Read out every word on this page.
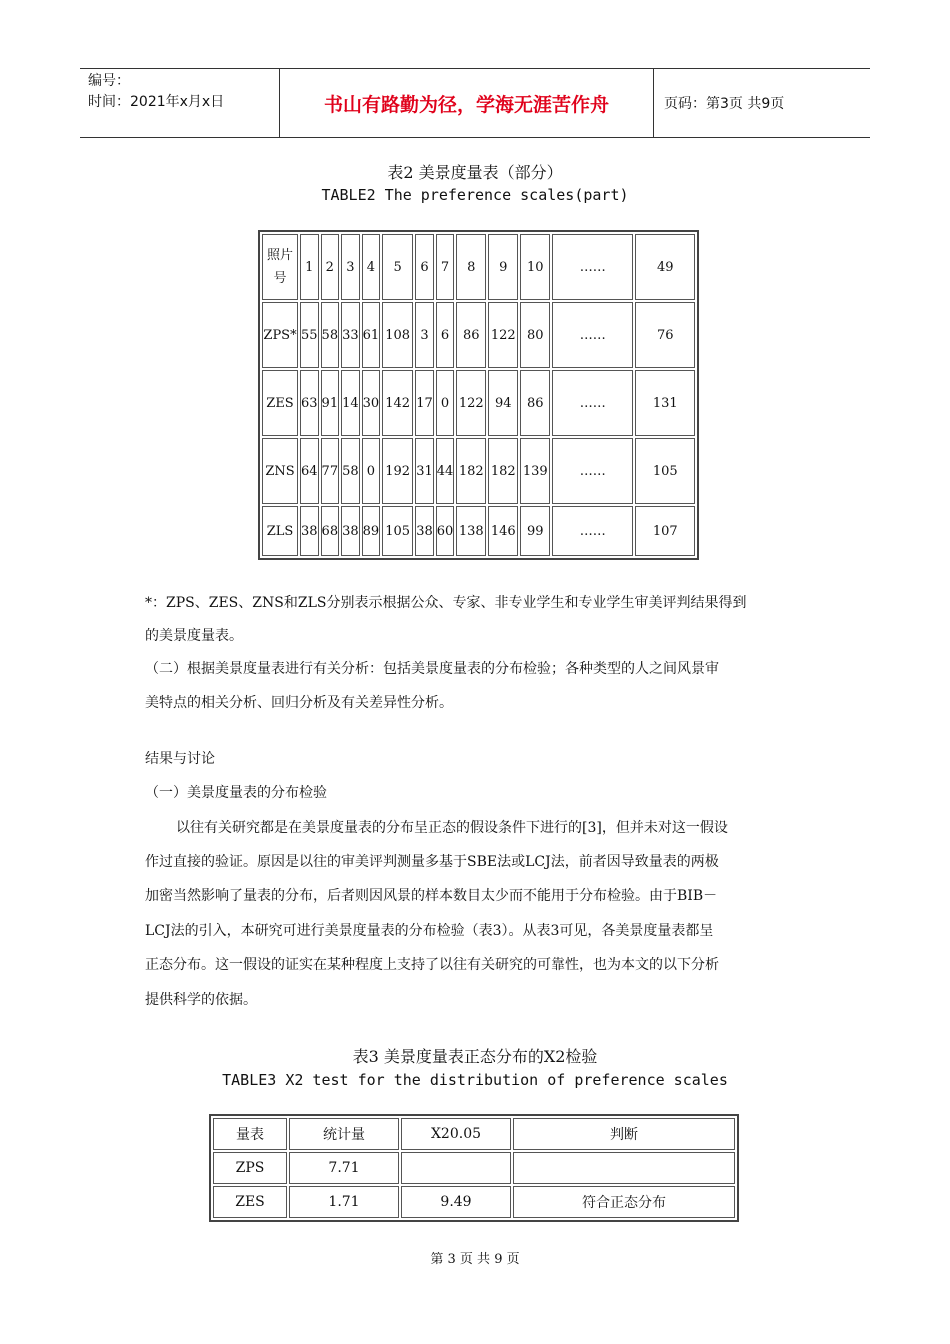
编号：
时间：2021年x月x日	书山有路勤为径，学海无涯苦作舟	页码：第3页 共9页
表2 美景度量表（部分）
TABLE2 The preference scales(part)
照片号	1	2	3	4	5	6	7	8	9	10	……	49
ZPS*	55	58	33	61	108	3	6	86	122	80	……	76
ZES	63	91	14	30	142	17	0	122	94	86	……	131
ZNS	64	77	58	0	192	31	44	182	182	139	……	105
ZLS	38	68	38	89	105	38	60	138	146	99	……	107
*：ZPS、ZES、ZNS和ZLS分别表示根据公众、专家、非专业学生和专业学生审美评判结果得到
的美景度量表。
（二）根据美景度量表进行有关分析：包括美景度量表的分布检验；各种类型的人之间风景审
美特点的相关分析、回归分析及有关差异性分析。
结果与讨论
（一）美景度量表的分布检验
以往有关研究都是在美景度量表的分布呈正态的假设条件下进行的[3]，但并未对这一假设
作过直接的验证。原因是以往的审美评判测量多基于SBE法或LCJ法，前者因导致量表的两极
加密当然影响了量表的分布，后者则因风景的样本数目太少而不能用于分布检验。由于BIB－
LCJ法的引入，本研究可进行美景度量表的分布检验（表3）。从表3可见，各美景度量表都呈
正态分布。这一假设的证实在某种程度上支持了以往有关研究的可靠性，也为本文的以下分析
提供科学的依据。
表3 美景度量表正态分布的X2检验
TABLE3 X2 test for the distribution of preference scales
量表	统计量	X20.05	判断
ZPS	7.71		
ZES	1.71	9.49	符合正态分布
第 3 页 共 9 页
